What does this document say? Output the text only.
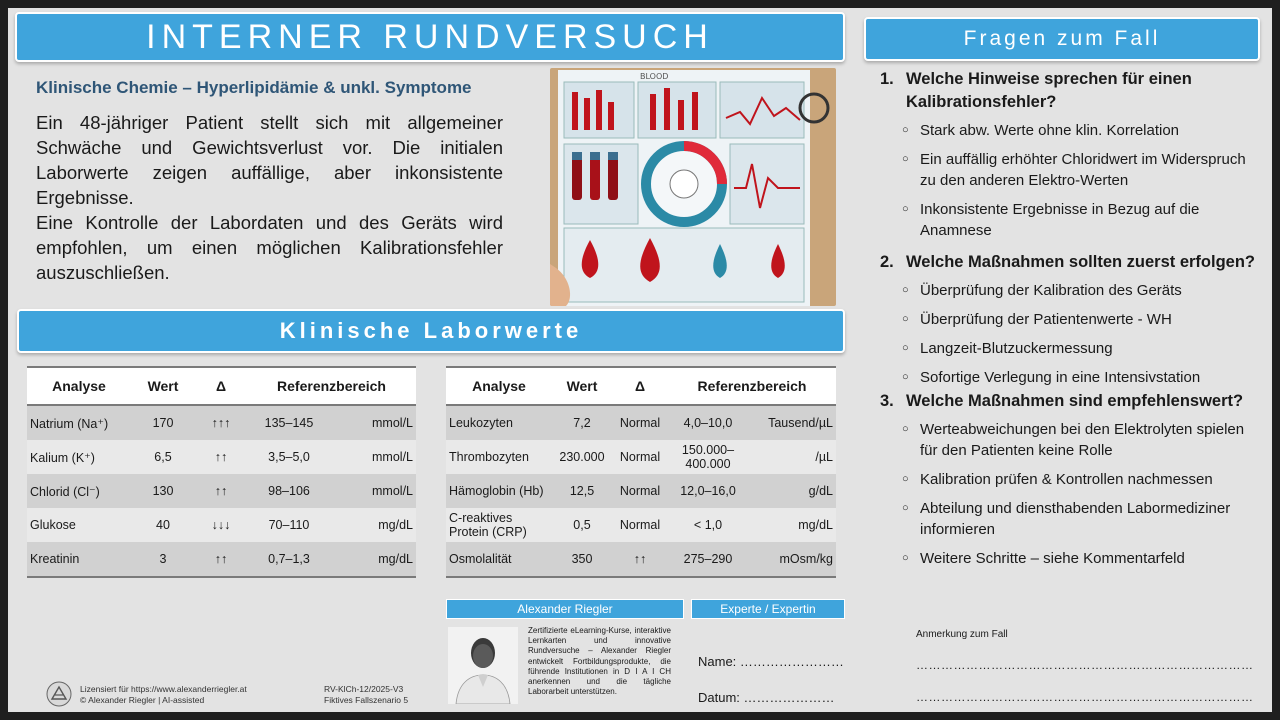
INTERNER RUNDVERSUCH
Klinische Chemie – Hyperlipidämie & unkl. Symptome

Ein 48-jähriger Patient stellt sich mit allgemeiner Schwäche und Gewichtsverlust vor. Die initialen Laborwerte zeigen auffällige, aber inkonsistente Ergebnisse.

Eine Kontrolle der Labordaten und des Geräts wird empfohlen, um einen möglichen Kalibrationsfehler auszuschließen.

BLOOD
Klinische Laborwerte
Analyse	Wert	Δ	Referenzbereich	
Natrium (Na⁺)	170	↑↑↑	135–145	mmol/L
Kalium (K⁺)	6,5	↑↑	3,5–5,0	mmol/L
Chlorid (Cl⁻)	130	↑↑	98–106	mmol/L
Glukose	40	↓↓↓	70–110	mg/dL
Kreatinin	3	↑↑	0,7–1,3	mg/dL
Analyse	Wert	Δ	Referenzbereich	
Leukozyten	7,2	Normal	4,0–10,0	Tausend/µL
Thrombozyten	230.000	Normal	150.000–400.000	/µL
Hämoglobin (Hb)	12,5	Normal	12,0–16,0	g/dL
C-reaktives Protein (CRP)	0,5	Normal	< 1,0	mg/dL
Osmolalität	350	↑↑	275–290	mOsm/kg
Alexander Riegler	Experte / Expertin
Zertifizierte eLearning-Kurse, interaktive Lernkarten und innovative Rundversuche – Alexander Riegler entwickelt Fortbildungsprodukte, die führende Institutionen in D I A I CH anerkennen und die tägliche Laborarbeit unterstützen.
Name: ……………………
Datum: …………………
Lizensiert für https://www.alexanderriegler.at
© Alexander Riegler | AI-assisted
RV-KlCh-12/2025-V3
Fiktives Fallszenario 5
Fragen zum Fall
1. Welche Hinweise sprechen für einen Kalibrationsfehler?
○ Stark abw. Werte ohne klin. Korrelation
○ Ein auffällig erhöhter Chloridwert im Widerspruch zu den anderen Elektro-Werten
○ Inkonsistente Ergebnisse in Bezug auf die Anamnese
2. Welche Maßnahmen sollten zuerst erfolgen?
○ Überprüfung der Kalibration des Geräts
○ Überprüfung der Patientenwerte - WH
○ Langzeit-Blutzuckermessung
○ Sofortige Verlegung in eine Intensivstation
3. Welche Maßnahmen sind empfehlenswert?
○ Werteabweichungen bei den Elektrolyten spielen für den Patienten keine Rolle
○ Kalibration prüfen & Kontrollen nachmessen
○ Abteilung und diensthabenden Labormediziner informieren
○ Weitere Schritte – siehe Kommentarfeld
Anmerkung zum Fall
………………………………………………………………………
………………………………………………………………………
